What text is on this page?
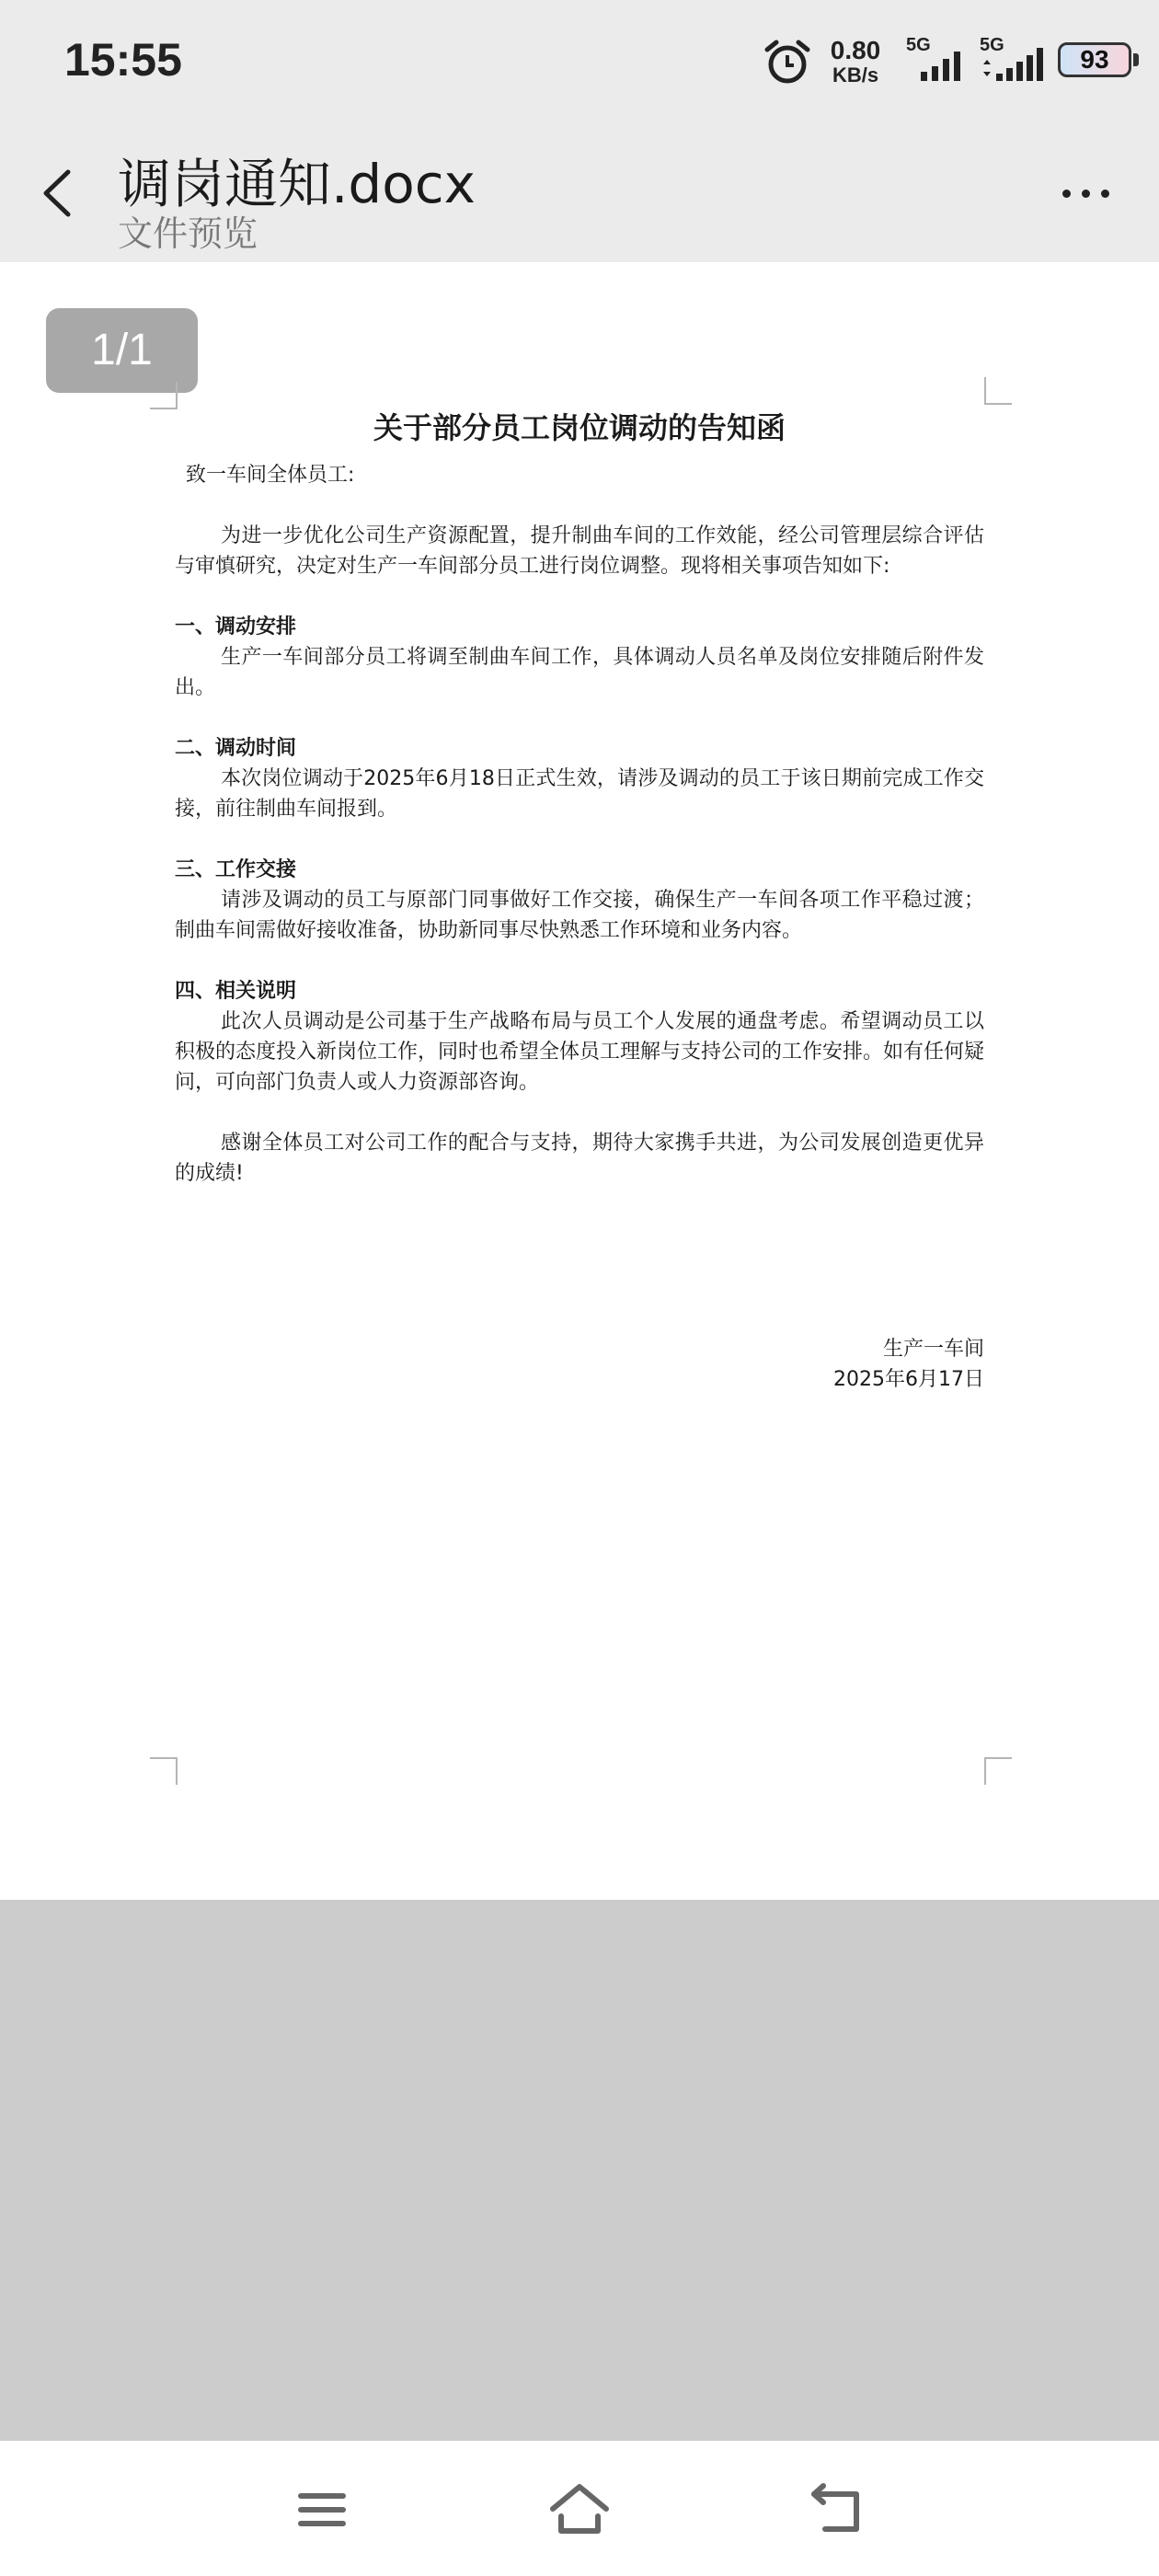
15:55	0.80
KB/s
5G	5G	93
调岗通知.docx
文件预览
1/1
关于部分员工岗位调动的告知函
致一车间全体员工:
为进一步优化公司生产资源配置，提升制曲车间的工作效能，经公司管理层综合评估与审慎研究，决定对生产一车间部分员工进行岗位调整。现将相关事项告知如下:
一、调动安排
生产一车间部分员工将调至制曲车间工作，具体调动人员名单及岗位安排随后附件发出。
二、调动时间
本次岗位调动于2025年6月18日正式生效，请涉及调动的员工于该日期前完成工作交接，前往制曲车间报到。
三、工作交接
请涉及调动的员工与原部门同事做好工作交接，确保生产一车间各项工作平稳过渡；制曲车间需做好接收准备，协助新同事尽快熟悉工作环境和业务内容。
四、相关说明
此次人员调动是公司基于生产战略布局与员工个人发展的通盘考虑。希望调动员工以积极的态度投入新岗位工作，同时也希望全体员工理解与支持公司的工作安排。如有任何疑问，可向部门负责人或人力资源部咨询。
感谢全体员工对公司工作的配合与支持，期待大家携手共进，为公司发展创造更优异的成绩!
生产一车间
2025年6月17日
